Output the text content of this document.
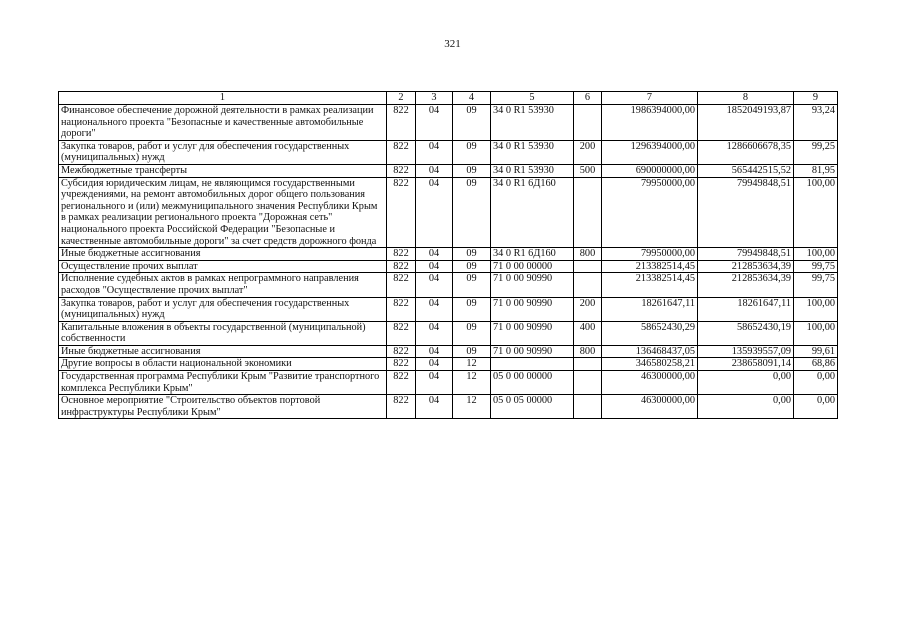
321
1	2	3	4	5	6	7	8	9
Финансовое обеспечение дорожной деятельности в рамках реализации национального проекта "Безопасные и качественные автомобильные дороги"	822	04	09	34 0 R1 53930		1986394000,00	1852049193,87	93,24
Закупка товаров, работ и услуг для обеспечения государственных (муниципальных) нужд	822	04	09	34 0 R1 53930	200	1296394000,00	1286606678,35	99,25
Межбюджетные трансферты	822	04	09	34 0 R1 53930	500	690000000,00	565442515,52	81,95
Субсидия юридическим лицам, не являющимся государственными учреждениями, на ремонт автомобильных дорог общего пользования регионального и (или) межмуниципального значения Республики Крым в рамках реализации регионального проекта "Дорожная сеть" национального проекта Российской Федерации "Безопасные и качественные автомобильные дороги" за счет средств дорожного фонда	822	04	09	34 0 R1 6Д160		79950000,00	79949848,51	100,00
Иные бюджетные ассигнования	822	04	09	34 0 R1 6Д160	800	79950000,00	79949848,51	100,00
Осуществление прочих выплат	822	04	09	71 0 00 00000		213382514,45	212853634,39	99,75
Исполнение судебных актов в рамках непрограммного направления расходов "Осуществление прочих выплат"	822	04	09	71 0 00 90990		213382514,45	212853634,39	99,75
Закупка товаров, работ и услуг для обеспечения государственных (муниципальных) нужд	822	04	09	71 0 00 90990	200	18261647,11	18261647,11	100,00
Капитальные вложения в объекты государственной (муниципальной) собственности	822	04	09	71 0 00 90990	400	58652430,29	58652430,19	100,00
Иные бюджетные ассигнования	822	04	09	71 0 00 90990	800	136468437,05	135939557,09	99,61
Другие вопросы в области национальной экономики	822	04	12			346580258,21	238658091,14	68,86
Государственная программа Республики Крым "Развитие транспортного комплекса Республики Крым"	822	04	12	05 0 00 00000		46300000,00	0,00	0,00
Основное мероприятие "Строительство объектов портовой инфраструктуры Республики Крым"	822	04	12	05 0 05 00000		46300000,00	0,00	0,00
